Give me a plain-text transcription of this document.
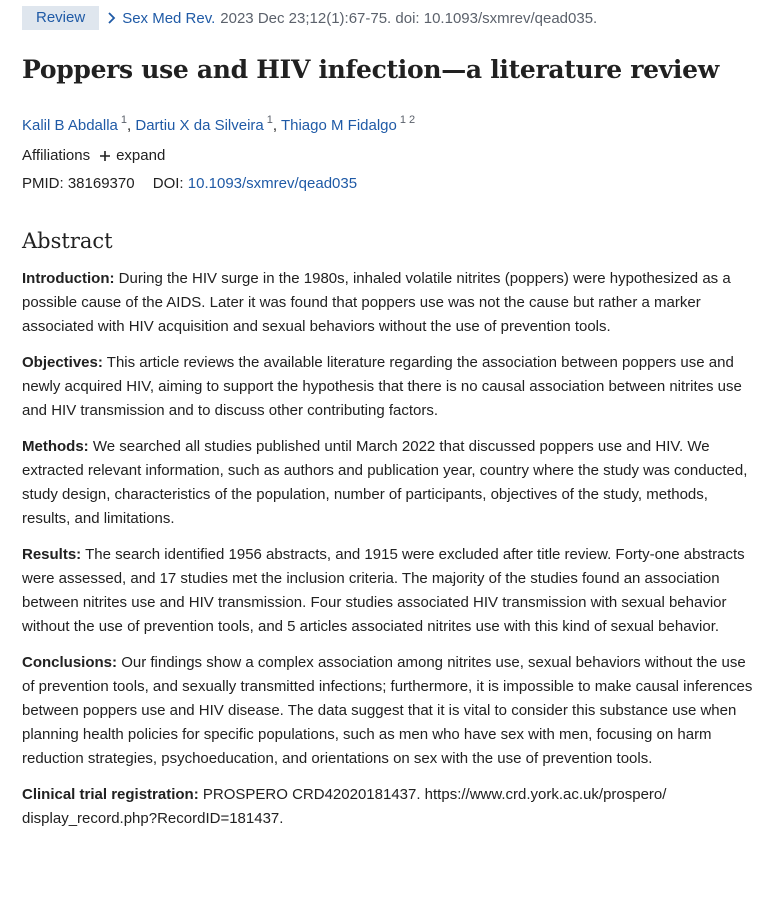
Review	Sex Med Rev. 2023 Dec 23;12(1):67-75. doi: 10.1093/sxmrev/qead035.
Poppers use and HIV infection—a literature review
Kalil B Abdalla $^1$, Dartiu X da Silveira $^1$, Thiago M Fidalgo $^{1 2}$
Affiliations expand
PMID: 38169370 DOI: 10.1093/sxmrev/qead035
Abstract

Introduction: During the HIV surge in the 1980s, inhaled volatile nitrites (poppers) were hypothesized as a possible cause of the AIDS. Later it was found that poppers use was not the cause but rather a marker associated with HIV acquisition and sexual behaviors without the use of prevention tools.

Objectives: This article reviews the available literature regarding the association between poppers use and newly acquired HIV, aiming to support the hypothesis that there is no causal association between nitrites use and HIV transmission and to discuss other contributing factors.

Methods: We searched all studies published until March 2022 that discussed poppers use and HIV. We extracted relevant information, such as authors and publication year, country where the study was conducted, study design, characteristics of the population, number of participants, objectives of the study, methods, results, and limitations.

Results: The search identified 1956 abstracts, and 1915 were excluded after title review. Forty-one abstracts were assessed, and 17 studies met the inclusion criteria. The majority of the studies found an association between nitrites use and HIV transmission. Four studies associated HIV transmission with sexual behavior without the use of prevention tools, and 5 articles associated nitrites use with this kind of sexual behavior.

Conclusions: Our findings show a complex association among nitrites use, sexual behaviors without the use of prevention tools, and sexually transmitted infections; furthermore, it is impossible to make causal inferences between poppers use and HIV disease. The data suggest that it is vital to consider this substance use when planning health policies for specific populations, such as men who have sex with men, focusing on harm reduction strategies, psychoeducation, and orientations on sex with the use of prevention tools.

Clinical trial registration: PROSPERO CRD42020181437. https://www.crd.york.ac.uk/prospero/ display_record.php?RecordID=181437.
